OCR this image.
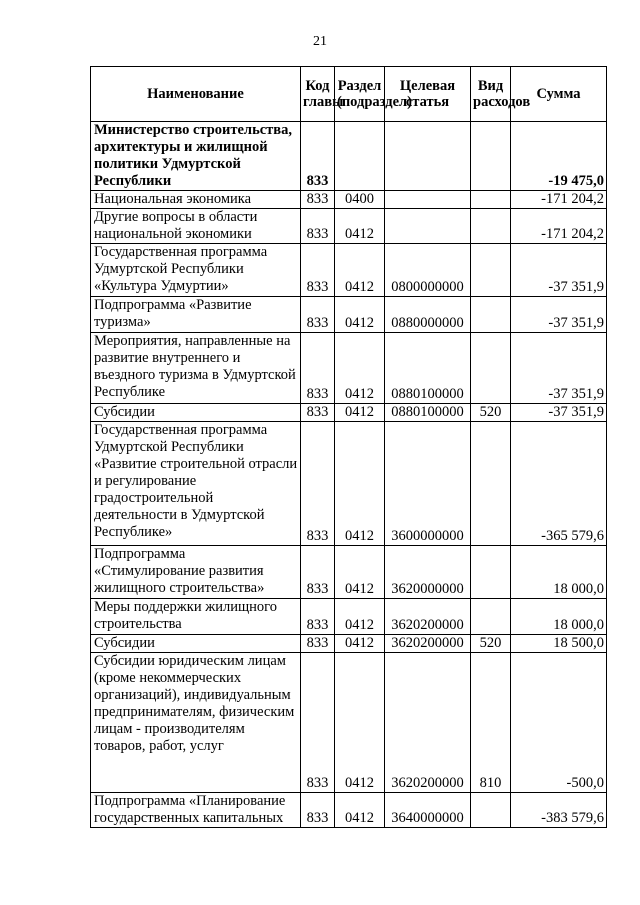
21
Наименование	Код главы	Раздел (подраздел)	Целевая статья	Вид расходов	Сумма
Министерство строительства, архитектуры и жилищной политики Удмуртской Республики	833				-19 475,0
Национальная экономика	833	0400			-171 204,2
Другие вопросы в области национальной экономики	833	0412			-171 204,2
Государственная программа Удмуртской Республики «Культура Удмуртии»	833	0412	0800000000		-37 351,9
Подпрограмма «Развитие туризма»	833	0412	0880000000		-37 351,9
Мероприятия, направленные на развитие внутреннего и въездного туризма в Удмуртской Республике	833	0412	0880100000		-37 351,9
Субсидии	833	0412	0880100000	520	-37 351,9
Государственная программа Удмуртской Республики «Развитие строительной отрасли и регулирование градостроительной деятельности в Удмуртской Республике»	833	0412	3600000000		-365 579,6
Подпрограмма «Стимулирование развития жилищного строительства»	833	0412	3620000000		18 000,0
Меры поддержки жилищного строительства	833	0412	3620200000		18 000,0
Субсидии	833	0412	3620200000	520	18 500,0
Субсидии юридическим лицам (кроме некоммерческих организаций), индивидуальным предпринимателям, физическим лицам - производителям товаров, работ, услуг	833	0412	3620200000	810	-500,0
Подпрограмма «Планирование государственных капитальных	833	0412	3640000000		-383 579,6
